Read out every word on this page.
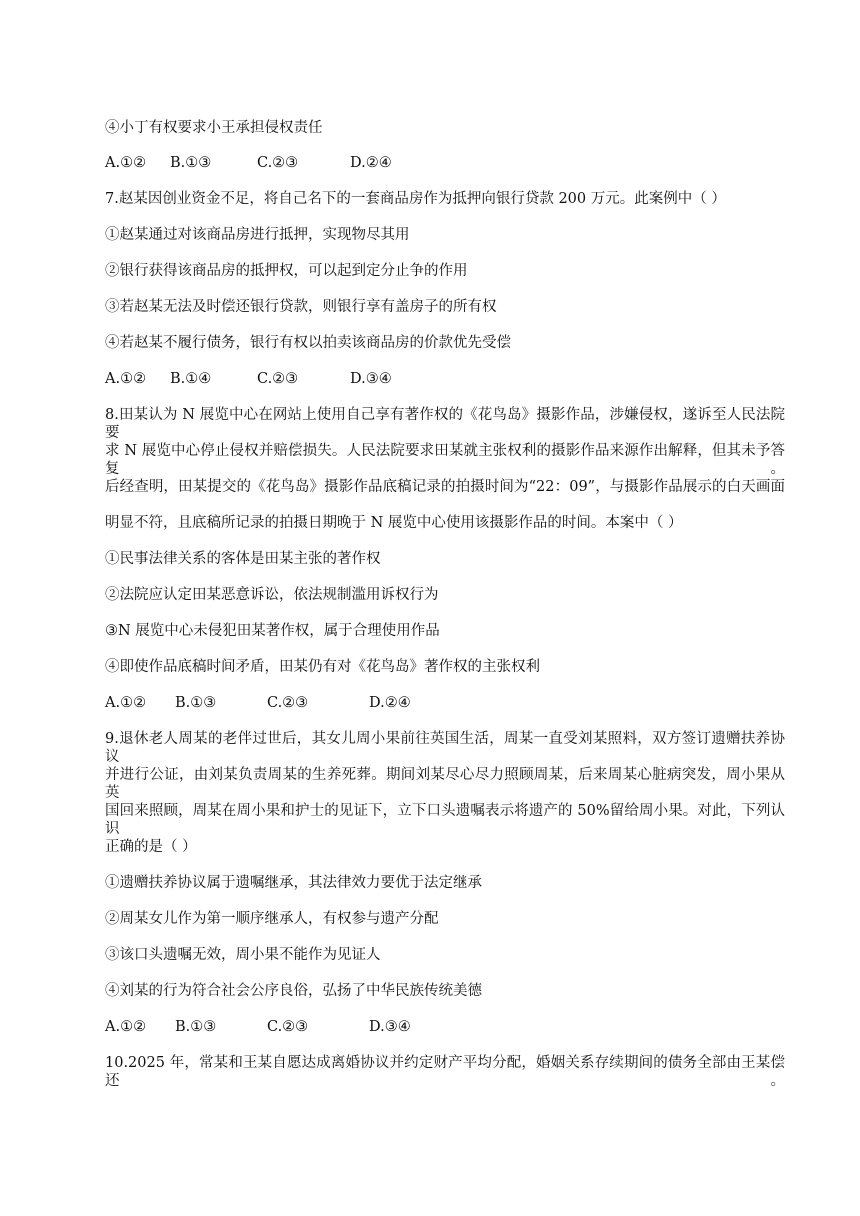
④小丁有权要求小王承担侵权责任
A.①② B.①③	C.②③	D.②④
7.赵某因创业资金不足，将自己名下的一套商品房作为抵押向银行贷款 200 万元。此案例中（ ）
①赵某通过对该商品房进行抵押，实现物尽其用
②银行获得该商品房的抵押权，可以起到定分止争的作用
③若赵某无法及时偿还银行贷款，则银行享有盖房子的所有权
④若赵某不履行债务，银行有权以拍卖该商品房的价款优先受偿
A.①② B.①④	C.②③	D.③④
8.田某认为 N 展览中心在网站上使用自己享有著作权的《花鸟岛》摄影作品，涉嫌侵权，遂诉至人民法院要
求 N 展览中心停止侵权并赔偿损失。人民法院要求田某就主张权利的摄影作品来源作出解释，但其未予答复。
后经查明，田某提交的《花鸟岛》摄影作品底稿记录的拍摄时间为“22：09”，与摄影作品展示的白天画面
明显不符，且底稿所记录的拍摄日期晚于 N 展览中心使用该摄影作品的时间。本案中（ ）
①民事法律关系的客体是田某主张的著作权
②法院应认定田某恶意诉讼，依法规制滥用诉权行为
③N 展览中心未侵犯田某著作权，属于合理使用作品
④即使作品底稿时间矛盾，田某仍有对《花鸟岛》著作权的主张权利
A.①② B.①③	C.②③	D.②④
9.退休老人周某的老伴过世后，其女儿周小果前往英国生活，周某一直受刘某照料，双方签订遗赠扶养协议
并进行公证，由刘某负责周某的生养死葬。期间刘某尽心尽力照顾周某，后来周某心脏病突发，周小果从英
国回来照顾，周某在周小果和护士的见证下，立下口头遗嘱表示将遗产的 50%留给周小果。对此，下列认识
正确的是（ ）
①遗赠扶养协议属于遗嘱继承，其法律效力要优于法定继承
②周某女儿作为第一顺序继承人，有权参与遗产分配
③该口头遗嘱无效，周小果不能作为见证人
④刘某的行为符合社会公序良俗，弘扬了中华民族传统美德
A.①② B.①③	C.②③	D.③④
10.2025 年，常某和王某自愿达成离婚协议并约定财产平均分配，婚姻关系存续期间的债务全部由王某偿还。
